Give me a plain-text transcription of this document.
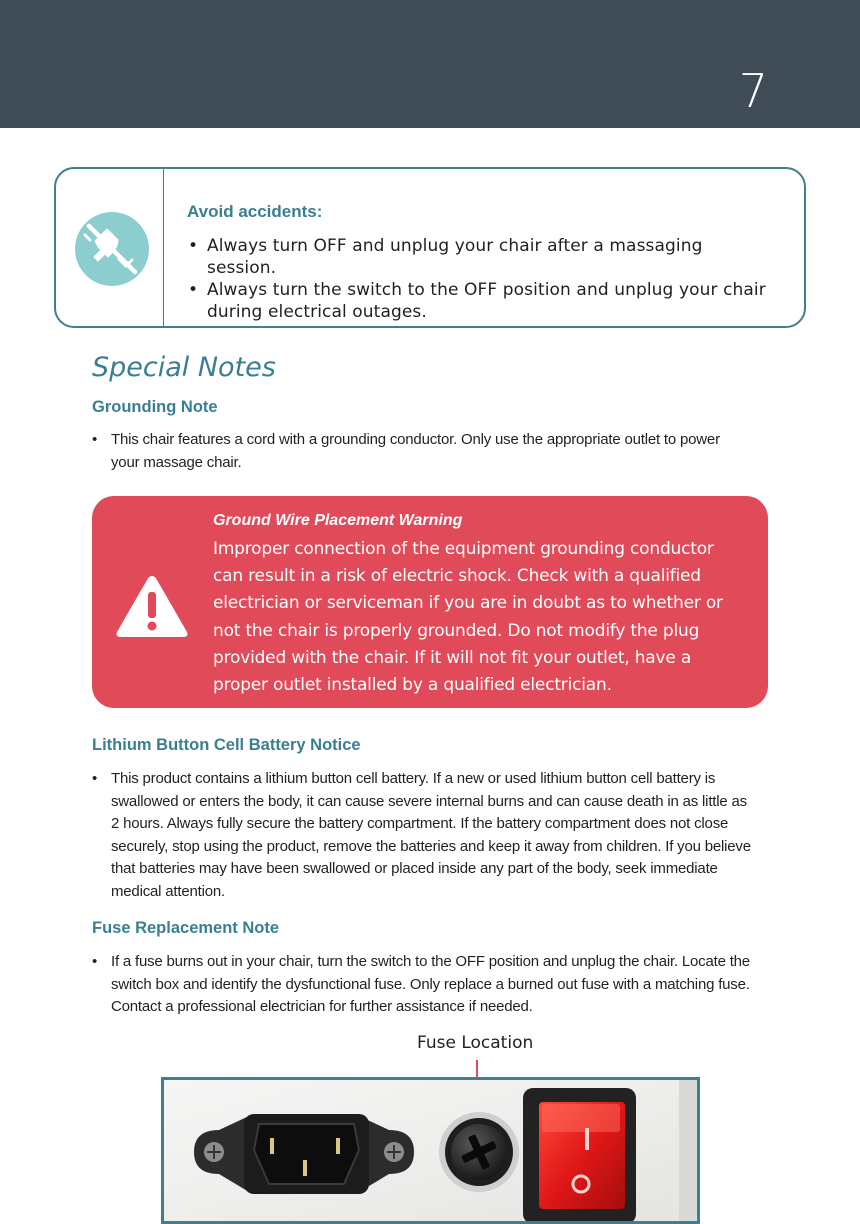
7
Avoid accidents:
• Always turn OFF and unplug your chair after a massaging session.
• Always turn the switch to the OFF position and unplug your chair during electrical outages.
Special Notes
Grounding Note
• This chair features a cord with a grounding conductor. Only use the appropriate outlet to power your massage chair.
Ground Wire Placement Warning
Improper connection of the equipment grounding conductor can result in a risk of electric shock. Check with a qualified electrician or serviceman if you are in doubt as to whether or not the chair is properly grounded. Do not modify the plug provided with the chair. If it will not fit your outlet, have a proper outlet installed by a qualified electrician.
Lithium Button Cell Battery Notice
• This product contains a lithium button cell battery. If a new or used lithium button cell battery is swallowed or enters the body, it can cause severe internal burns and can cause death in as little as 2 hours. Always fully secure the battery compartment. If the battery compartment does not close securely, stop using the product, remove the batteries and keep it away from children. If you believe that batteries may have been swallowed or placed inside any part of the body, seek immediate medical attention.
Fuse Replacement Note
• If a fuse burns out in your chair, turn the switch to the OFF position and unplug the chair. Locate the switch box and identify the dysfunctional fuse. Only replace a burned out fuse with a matching fuse. Contact a professional electrician for further assistance if needed.
Fuse Location
